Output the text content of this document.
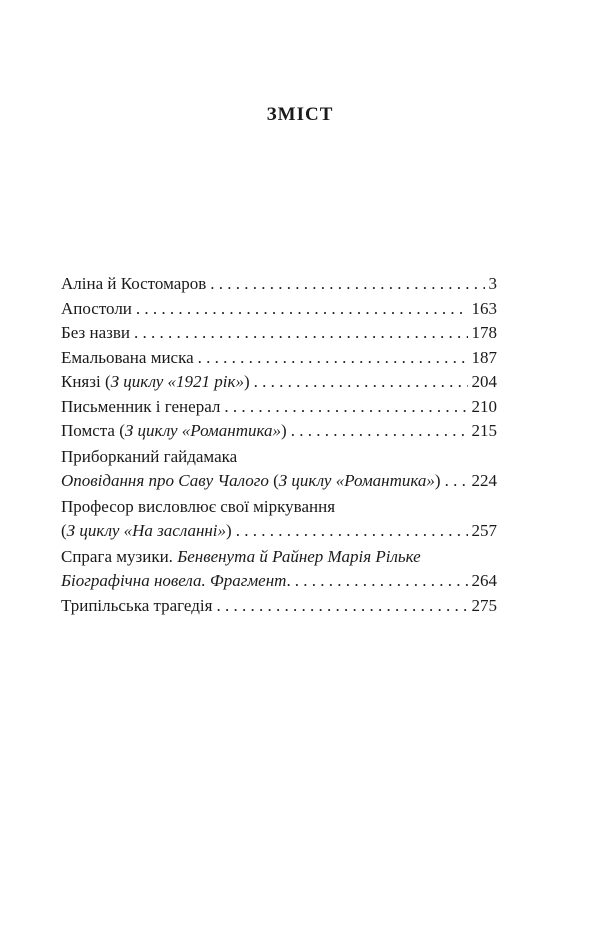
ЗМІСТ
Аліна й Костомаров . . .	3
Апостоли . . .	163
Без назви . . .	178
Емальована миска . . .	187
Князі (З циклу «1921 рік») . . .	204
Письменник і генерал . . .	210
Помста (З циклу «Романтика») . . .	215
Приборканий гайдамака
Оповідання про Саву Чалого (З циклу «Романтика») . . . 224
Професор висловлює свої міркування
(З циклу «На засланні») . . .	257
Спрага музики. Бенвенута й Райнер Марія Рільке
Біографічна новела. Фрагмент. . . .	264
Трипільська трагедія . . .	275
